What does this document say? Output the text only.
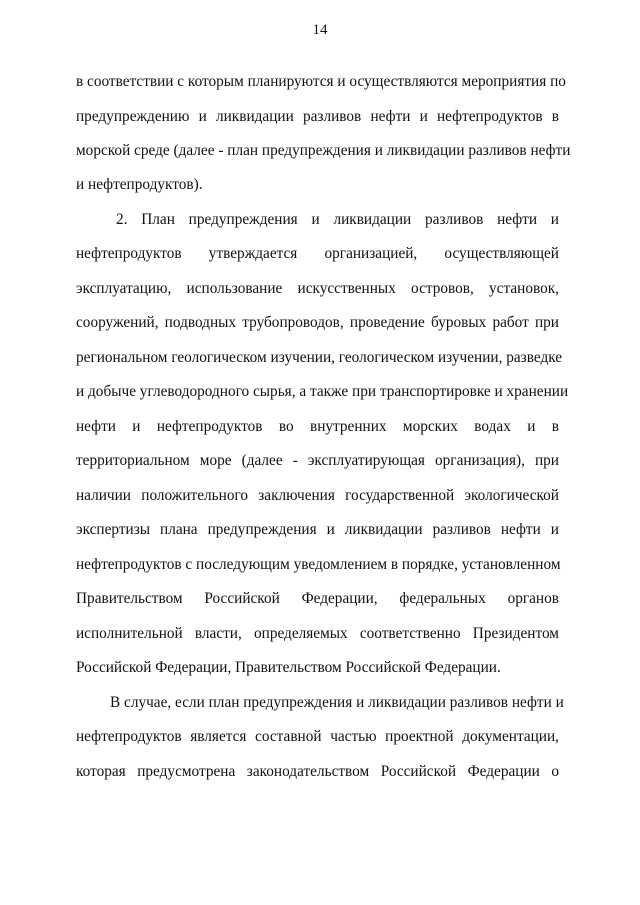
14
в соответствии с которым планируются и осуществляются мероприятия по
предупреждению и ликвидации разливов нефти и нефтепродуктов в
морской среде (далее - план предупреждения и ликвидации разливов нефти
и нефтепродуктов).
2. План предупреждения и ликвидации разливов нефти и
нефтепродуктов утверждается организацией, осуществляющей
эксплуатацию, использование искусственных островов, установок,
сооружений, подводных трубопроводов, проведение буровых работ при
региональном геологическом изучении, геологическом изучении, разведке
и добыче углеводородного сырья, а также при транспортировке и хранении
нефти и нефтепродуктов во внутренних морских водах и в
территориальном море (далее - эксплуатирующая организация), при
наличии положительного заключения государственной экологической
экспертизы плана предупреждения и ликвидации разливов нефти и
нефтепродуктов с последующим уведомлением в порядке, установленном
Правительством Российской Федерации, федеральных органов
исполнительной власти, определяемых соответственно Президентом
Российской Федерации, Правительством Российской Федерации.
В случае, если план предупреждения и ликвидации разливов нефти и
нефтепродуктов является составной частью проектной документации,
которая предусмотрена законодательством Российской Федерации о
